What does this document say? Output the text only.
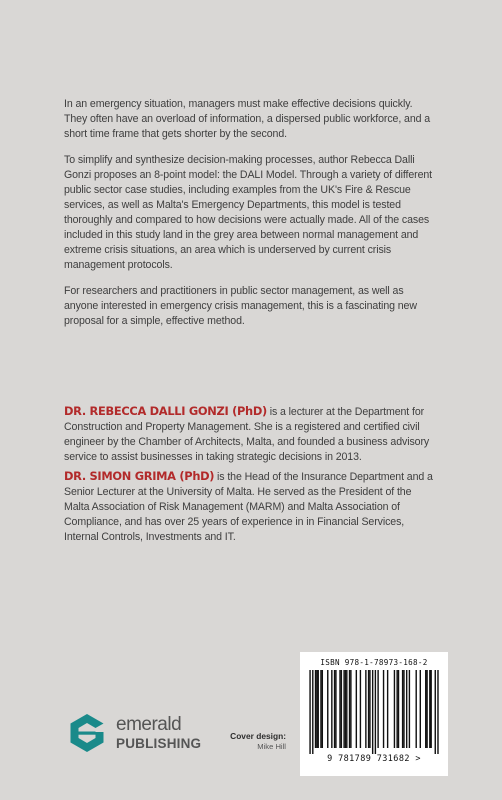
In an emergency situation, managers must make effective decisions quickly. They often have an overload of information, a dispersed public workforce, and a short time frame that gets shorter by the second.

To simplify and synthesize decision-making processes, author Rebecca Dalli Gonzi proposes an 8-point model: the DALI Model. Through a variety of different public sector case studies, including examples from the UK's Fire & Rescue services, as well as Malta's Emergency Departments, this model is tested thoroughly and compared to how decisions were actually made. All of the cases included in this study land in the grey area between normal management and extreme crisis situations, an area which is underserved by current crisis management protocols.

For researchers and practitioners in public sector management, as well as anyone interested in emergency crisis management, this is a fascinating new proposal for a simple, effective method.

DR. REBECCA DALLI GONZI (PhD) is a lecturer at the Department for Construction and Property Management. She is a registered and certified civil engineer by the Chamber of Architects, Malta, and founded a business advisory service to assist businesses in taking strategic decisions in 2013.

DR. SIMON GRIMA (PhD) is the Head of the Insurance Department and a Senior Lecturer at the University of Malta. He served as the President of the Malta Association of Risk Management (MARM) and Malta Association of Compliance, and has over 25 years of experience in in Financial Services, Internal Controls, Investments and IT.

emerald
PUBLISHING	Cover design:
Mike Hill
ISBN 978-1-78973-168-2
9 781789 731682 >
